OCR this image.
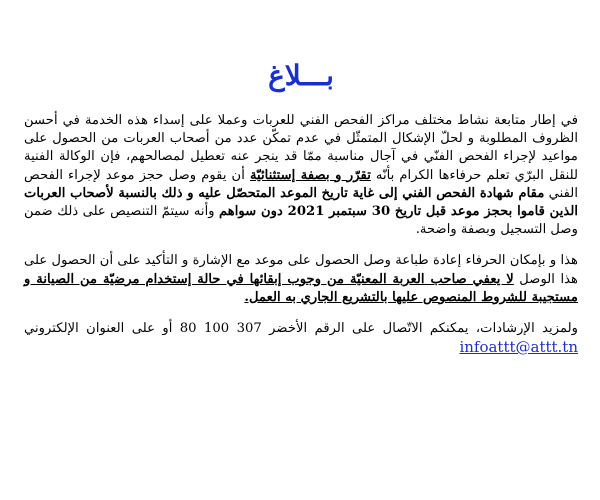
بـــلاغ

في إطار متابعة نشاط مختلف مراكز الفحص الفني للعربات وعملا على إسداء هذه الخدمة في أحسن الظروف المطلوبة و لحلّ الإشكال المتمثّل في عدم تمكّن عدد من أصحاب العربات من الحصول على مواعيد لإجراء الفحص الفنّي في آجال مناسبة ممّا قد ينجر عنه تعطيل لمصالحهم، فإن الوكالة الفنية للنقل البرّي تعلم حرفاءها الكرام بأنّه تقرّر و بصفة إستثنائيّة أن يقوم وصل حجز موعد لإجراء الفحص الفني مقام شهادة الفحص الفني إلى غاية تاريخ الموعد المتحصّل عليه و ذلك بالنسبة لأصحاب العربات الذين قاموا بحجز موعد قبل تاريخ 30 سبتمبر 2021 دون سواهم وأنه سيتمّ التنصيص على ذلك ضمن وصل التسجيل وبصفة واضحة.

هذا و بإمكان الحرفاء إعادة طباعة وصل الحصول على موعد مع الإشارة و التأكيد على أن الحصول على هذا الوصل لا يعفي صاحب العربة المعنيّة من وجوب إبقائها في حالة إستخدام مرضيّة من الصيانة و مستجيبة للشروط المنصوص عليها بالتشريع الجاري به العمل.

ولمزيد الإرشادات، يمكنكم الاتّصال على الرقم الأخضر 307 100 80 أو على العنوان الإلكتروني infoattt@attt.tn
